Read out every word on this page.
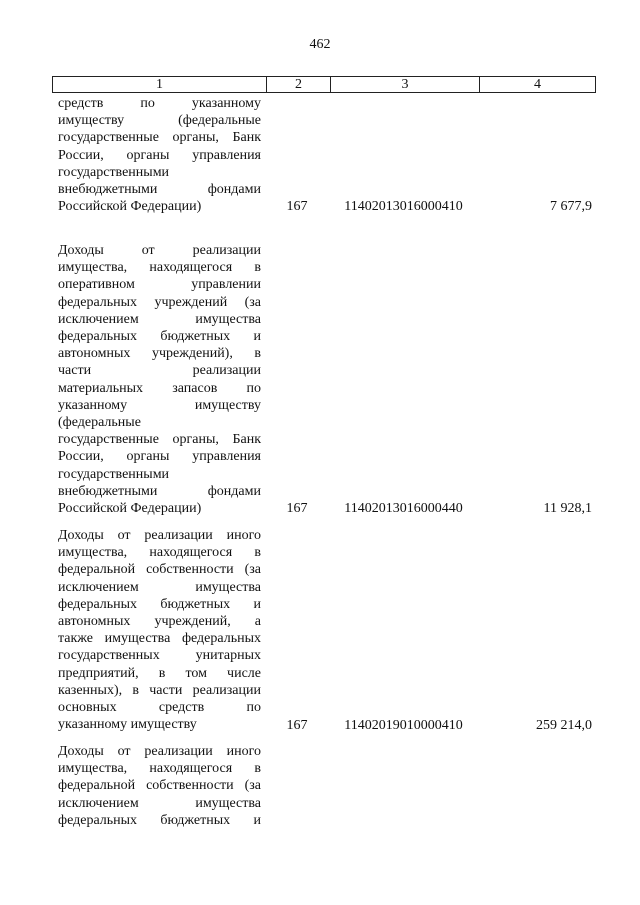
462
1	2	3	4
средств по указанному
имуществу (федеральные
государственные органы, Банк
России, органы управления
государственными
внебюджетными фондами
Российской Федерации)	167	11402013016000410	7 677,9
Доходы от реализации
имущества, находящегося в
оперативном управлении
федеральных учреждений (за
исключением имущества
федеральных бюджетных и
автономных учреждений), в
части реализации
материальных запасов по
указанному имуществу
(федеральные
государственные органы, Банк
России, органы управления
государственными
внебюджетными фондами
Российской Федерации)	167	11402013016000440	11 928,1
Доходы от реализации иного
имущества, находящегося в
федеральной собственности (за
исключением имущества
федеральных бюджетных и
автономных учреждений, а
также имущества федеральных
государственных унитарных
предприятий, в том числе
казенных), в части реализации
основных средств по
указанному имуществу	167	11402019010000410	259 214,0
Доходы от реализации иного
имущества, находящегося в
федеральной собственности (за
исключением имущества
федеральных бюджетных и
